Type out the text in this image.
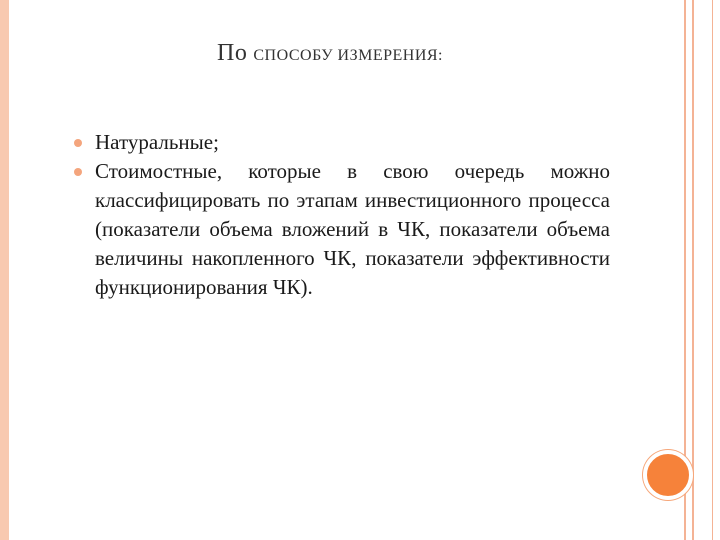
По СПОСОБУ ИЗМЕРЕНИЯ:
Натуральные;
Стоимостные, которые в свою очередь можно классифицировать по этапам инвестиционного процесса (показатели объема вложений в ЧК, показатели объема величины накопленного ЧК, показатели эффективности функционирования ЧК).
